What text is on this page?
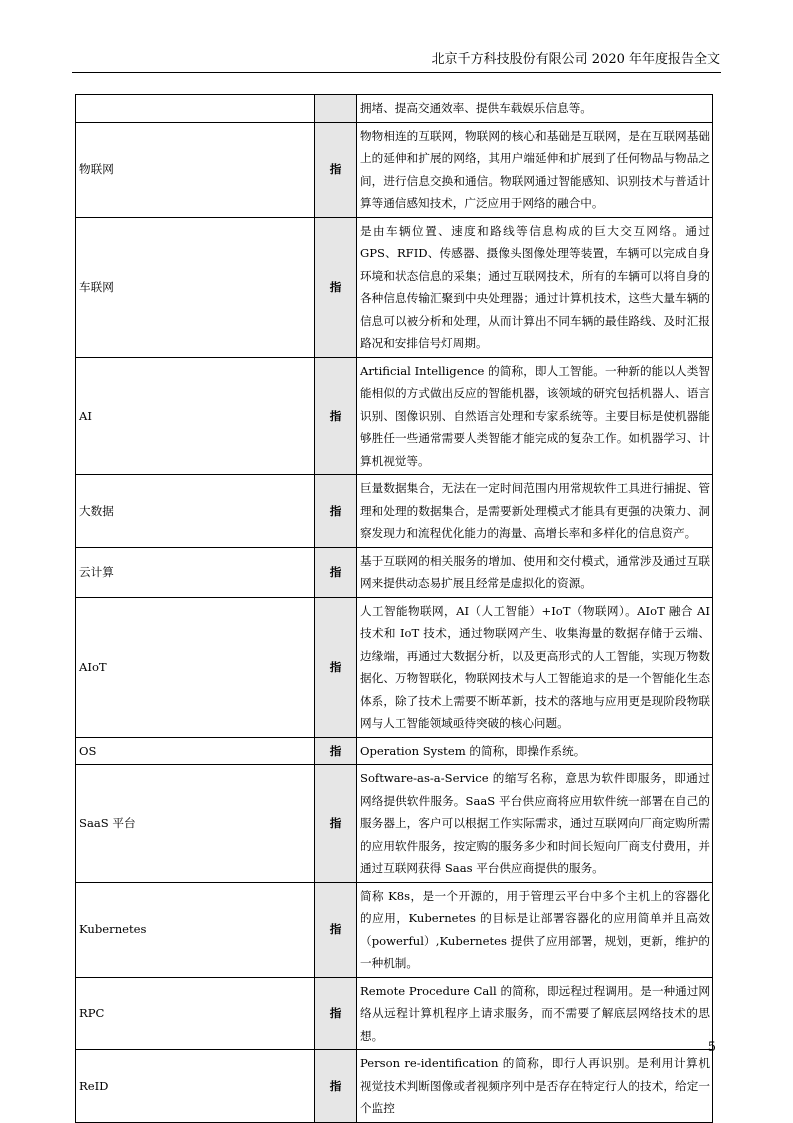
北京千方科技股份有限公司 2020 年年度报告全文
		拥堵、提高交通效率、提供车载娱乐信息等。
物联网	指	物物相连的互联网，物联网的核心和基础是互联网，是在互联网基础上的延伸和扩展的网络，其用户端延伸和扩展到了任何物品与物品之间，进行信息交换和通信。物联网通过智能感知、识别技术与普适计算等通信感知技术，广泛应用于网络的融合中。
车联网	指	是由车辆位置、速度和路线等信息构成的巨大交互网络。通过 GPS、RFID、传感器、摄像头图像处理等装置，车辆可以完成自身环境和状态信息的采集；通过互联网技术，所有的车辆可以将自身的各种信息传输汇聚到中央处理器；通过计算机技术，这些大量车辆的信息可以被分析和处理，从而计算出不同车辆的最佳路线、及时汇报路况和安排信号灯周期。
AI	指	Artificial Intelligence 的简称，即人工智能。一种新的能以人类智能相似的方式做出反应的智能机器，该领域的研究包括机器人、语言识别、图像识别、自然语言处理和专家系统等。主要目标是使机器能够胜任一些通常需要人类智能才能完成的复杂工作。如机器学习、计算机视觉等。
大数据	指	巨量数据集合，无法在一定时间范围内用常规软件工具进行捕捉、管理和处理的数据集合，是需要新处理模式才能具有更强的决策力、洞察发现力和流程优化能力的海量、高增长率和多样化的信息资产。
云计算	指	基于互联网的相关服务的增加、使用和交付模式，通常涉及通过互联网来提供动态易扩展且经常是虚拟化的资源。
AIoT	指	人工智能物联网，AI（人工智能）+IoT（物联网）。AIoT 融合 AI 技术和 IoT 技术，通过物联网产生、收集海量的数据存储于云端、边缘端，再通过大数据分析，以及更高形式的人工智能，实现万物数据化、万物智联化，物联网技术与人工智能追求的是一个智能化生态体系，除了技术上需要不断革新，技术的落地与应用更是现阶段物联网与人工智能领域亟待突破的核心问题。
OS	指	Operation System 的简称，即操作系统。
SaaS 平台	指	Software-as-a-Service 的缩写名称，意思为软件即服务，即通过网络提供软件服务。SaaS 平台供应商将应用软件统一部署在自己的服务器上，客户可以根据工作实际需求，通过互联网向厂商定购所需的应用软件服务，按定购的服务多少和时间长短向厂商支付费用，并通过互联网获得 Saas 平台供应商提供的服务。
Kubernetes	指	简称 K8s，是一个开源的，用于管理云平台中多个主机上的容器化的应用，Kubernetes 的目标是让部署容器化的应用简单并且高效（powerful）,Kubernetes 提供了应用部署，规划，更新，维护的一种机制。
RPC	指	Remote Procedure Call 的简称，即远程过程调用。是一种通过网络从远程计算机程序上请求服务，而不需要了解底层网络技术的思想。
ReID	指	Person re-identification 的简称，即行人再识别。是利用计算机视觉技术判断图像或者视频序列中是否存在特定行人的技术，给定一个监控
5
